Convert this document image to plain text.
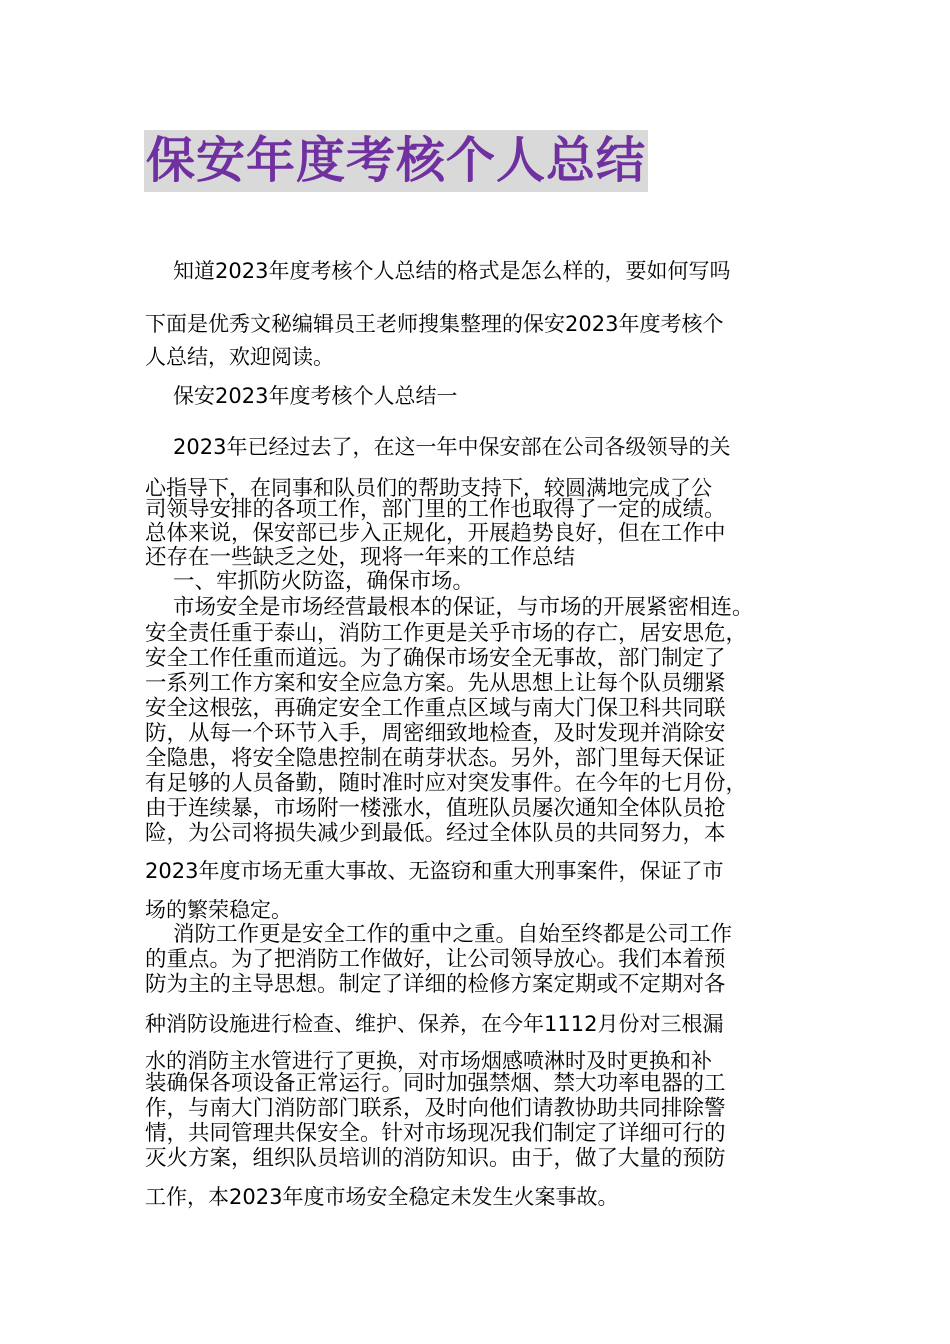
保安年度考核个人总结
知道2023年度考核个人总结的格式是怎么样的，要如何写吗
下面是优秀文秘编辑员王老师搜集整理的保安2023年度考核个
人总结，欢迎阅读。
保安2023年度考核个人总结一
2023年已经过去了，在这一年中保安部在公司各级领导的关
心指导下，在同事和队员们的帮助支持下，较圆满地完成了公
司领导安排的各项工作，部门里的工作也取得了一定的成绩。
总体来说，保安部已步入正规化，开展趋势良好，但在工作中
还存在一些缺乏之处，现将一年来的工作总结
一、牢抓防火防盗，确保市场。
市场安全是市场经营最根本的保证，与市场的开展紧密相连。
安全责任重于泰山，消防工作更是关乎市场的存亡，居安思危，
安全工作任重而道远。为了确保市场安全无事故，部门制定了
一系列工作方案和安全应急方案。先从思想上让每个队员绷紧
安全这根弦，再确定安全工作重点区域与南大门保卫科共同联
防，从每一个环节入手，周密细致地检查，及时发现并消除安
全隐患，将安全隐患控制在萌芽状态。另外，部门里每天保证
有足够的人员备勤，随时准时应对突发事件。在今年的七月份，
由于连续暴，市场附一楼涨水，值班队员屡次通知全体队员抢
险，为公司将损失减少到最低。经过全体队员的共同努力，本
2023年度市场无重大事故、无盗窃和重大刑事案件，保证了市
场的繁荣稳定。
消防工作更是安全工作的重中之重。自始至终都是公司工作
的重点。为了把消防工作做好，让公司领导放心。我们本着预
防为主的主导思想。制定了详细的检修方案定期或不定期对各
种消防设施进行检查、维护、保养，在今年1112月份对三根漏
水的消防主水管进行了更换，对市场烟感喷淋时及时更换和补
装确保各项设备正常运行。同时加强禁烟、禁大功率电器的工
作，与南大门消防部门联系，及时向他们请教协助共同排除警
情，共同管理共保安全。针对市场现况我们制定了详细可行的
灭火方案，组织队员培训的消防知识。由于，做了大量的预防
工作，本2023年度市场安全稳定未发生火案事故。
